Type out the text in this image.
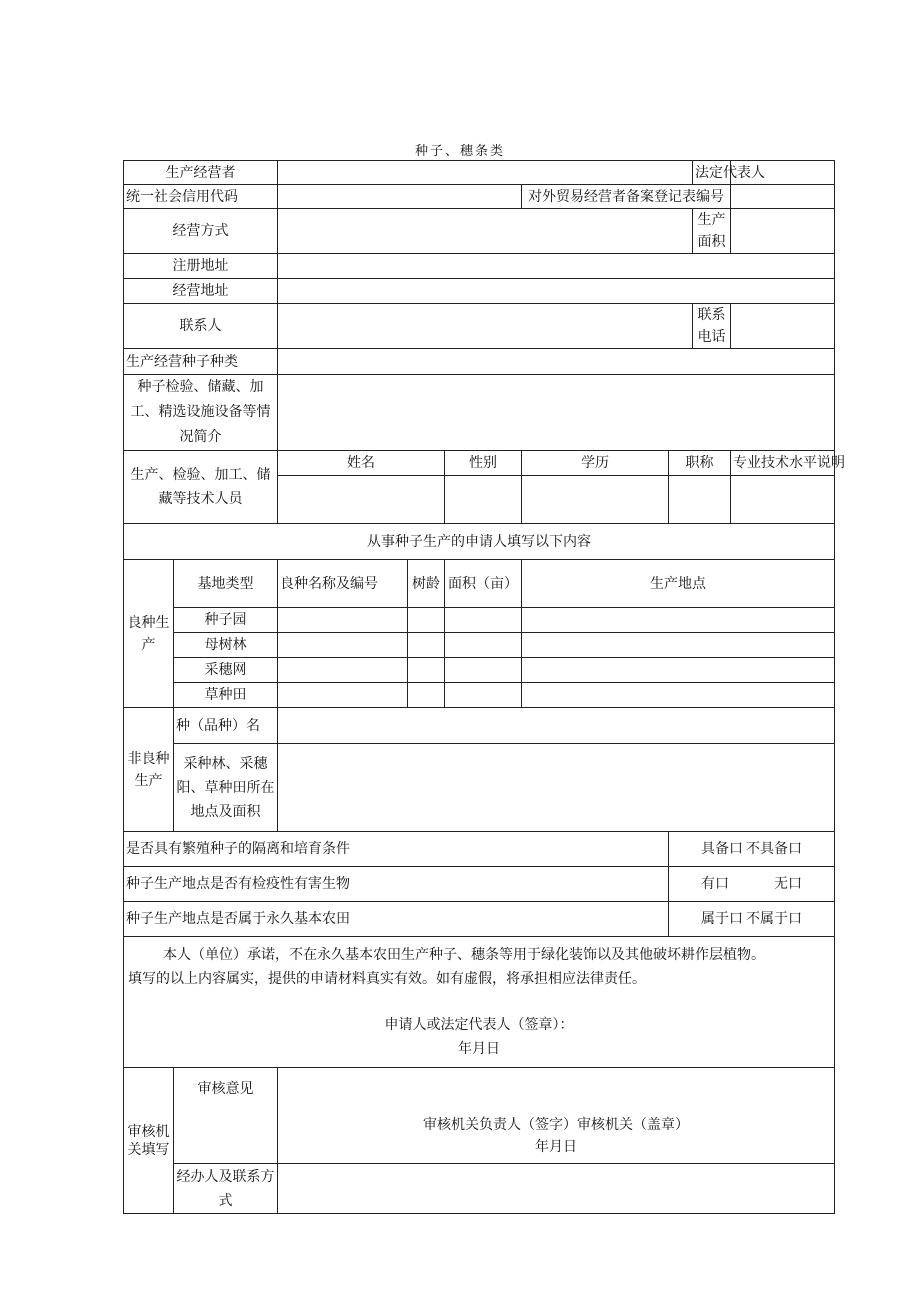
种子、穗条类
生产经营者							法定代表人	
统一社会信用代码					对外贸易经营者备案登记表编号			
经营方式							生产面积	
注册地址								
经营地址								
联系人							联系电话	
生产经营种子种类								
种子检验、储藏、加工、精选设施设备等情况简介								
生产、检验、加工、储藏等技术人员		姓名		性别	学历	职称		专业技术水平说明

从事种子生产的申请人填写以下内容								
良种生产	基地类型	良种名称及编号	树龄	面积（亩）	生产地点			
	种子园							
	母树林							
	采穗网							
	草种田							
非良种生产	种（品种）名							
	采种林、采穗阳、草种田所在地点及面积							
是否具有繁殖种子的隔离和培育条件						具备口 不具备口		

种子生产地点是否有检疫性有害生物						有口 无口		

种子生产地点是否属于永久基本农田						属于口 不属于口		

本人（单位）承诺，不在永久基本农田生产种子、穗条等用于绿化装饰以及其他破坏耕作层植物。
填写的以上内容属实，提供的申请材料真实有效。如有虚假，将承担相应法律责任。
申请人或法定代表人（签章）：
年月日								

审核机关填写	审核意见	审核机关负责人（签字）审核机关（盖章）
年月日						

	经办人及联系方式							
